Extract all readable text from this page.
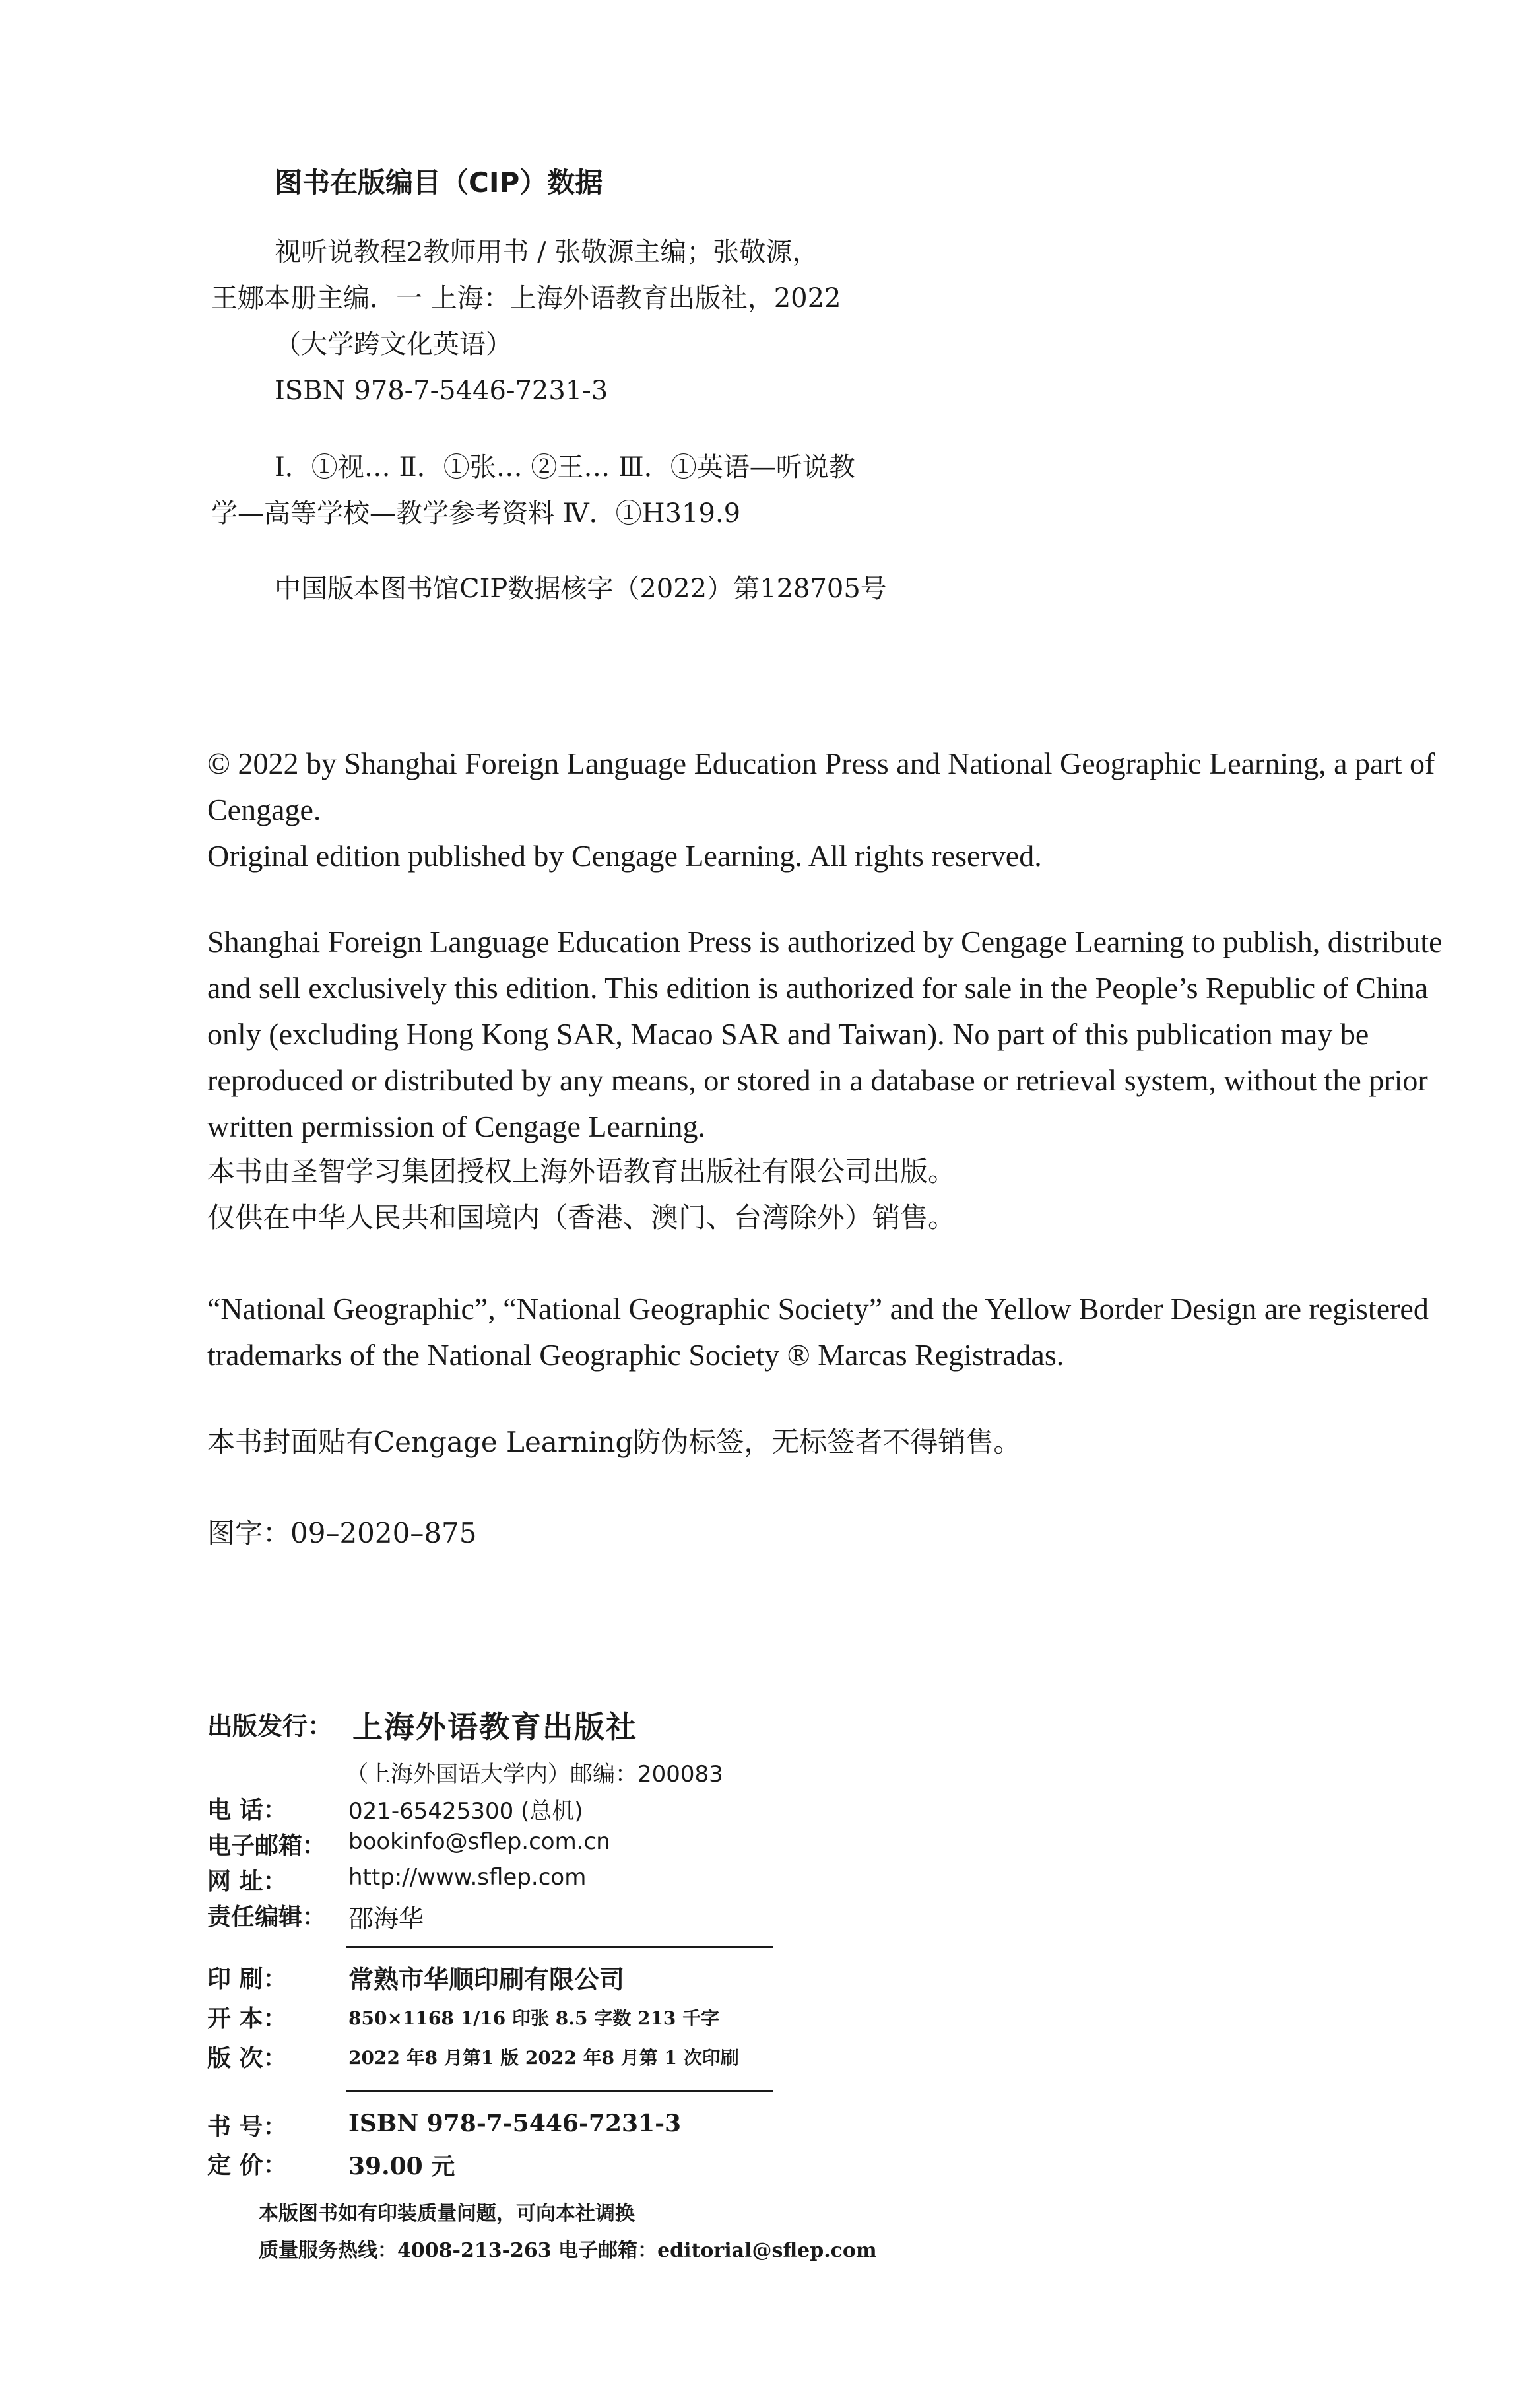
图书在版编目（CIP）数据
视听说教程2教师用书 / 张敬源主编；张敬源，
王娜本册主编．一 上海：上海外语教育出版社，2022
（大学跨文化英语）
ISBN 978-7-5446-7231-3
Ⅰ．①视… Ⅱ．①张… ②王… Ⅲ．①英语—听说教
学—高等学校—教学参考资料 Ⅳ．①H319.9
中国版本图书馆CIP数据核字（2022）第128705号
© 2022 by Shanghai Foreign Language Education Press and National Geographic Learning, a part of
Cengage.
Original edition published by Cengage Learning. All rights reserved.
Shanghai Foreign Language Education Press is authorized by Cengage Learning to publish, distribute
and sell exclusively this edition. This edition is authorized for sale in the People’s Republic of China
only (excluding Hong Kong SAR, Macao SAR and Taiwan). No part of this publication may be
reproduced or distributed by any means, or stored in a database or retrieval system, without the prior
written permission of Cengage Learning.
本书由圣智学习集团授权上海外语教育出版社有限公司出版。
仅供在中华人民共和国境内（香港、澳门、台湾除外）销售。
“National Geographic”, “National Geographic Society” and the Yellow Border Design are registered
trademarks of the National Geographic Society ® Marcas Registradas.
本书封面贴有Cengage Learning防伪标签，无标签者不得销售。
图字：09–2020–875
出版发行： 上海外语教育出版社
（上海外国语大学内）邮编：200083
电 话：	021-65425300 (总机)
电子邮箱： bookinfo@sflep.com.cn
网 址：	http://www.sflep.com
责任编辑： 邵海华
印 刷： 常熟市华顺印刷有限公司
开 本：	850×1168 1/16 印张 8.5 字数 213 千字
版 次：	2022 年8 月第1 版 2022 年8 月第 1 次印刷
书 号：	ISBN 978-7-5446-7231-3
定 价：	39.00 元
本版图书如有印装质量问题，可向本社调换
质量服务热线：4008-213-263 电子邮箱：editorial@sflep.com
